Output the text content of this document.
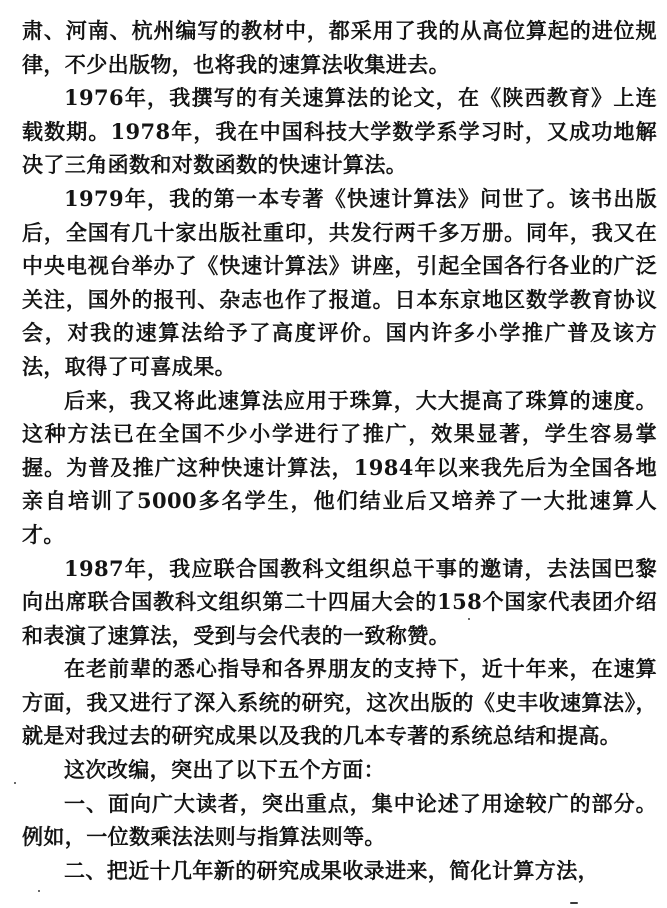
肃、河南、杭州编写的教材中，都采用了我的从高位算起的进位规律，不少出版物，也将我的速算法收集进去。

1976年，我撰写的有关速算法的论文，在《陕西教育》上连载数期。1978年，我在中国科技大学数学系学习时，又成功地解决了三角函数和对数函数的快速计算法。

1979年，我的第一本专著《快速计算法》问世了。该书出版后，全国有几十家出版社重印，共发行两千多万册。同年，我又在中央电视台举办了《快速计算法》讲座，引起全国各行各业的广泛关注，国外的报刊、杂志也作了报道。日本东京地区数学教育协议会，对我的速算法给予了高度评价。国内许多小学推广普及该方法，取得了可喜成果。

后来，我又将此速算法应用于珠算，大大提高了珠算的速度。这种方法已在全国不少小学进行了推广，效果显著，学生容易掌握。为普及推广这种快速计算法，1984年以来我先后为全国各地亲自培训了5000多名学生，他们结业后又培养了一大批速算人才。

1987年，我应联合国教科文组织总干事的邀请，去法国巴黎向出席联合国教科文组织第二十四届大会的158个国家代表团介绍和表演了速算法，受到与会代表的一致称赞。

在老前辈的悉心指导和各界朋友的支持下，近十年来，在速算方面，我又进行了深入系统的研究，这次出版的《史丰收速算法》，就是对我过去的研究成果以及我的几本专著的系统总结和提高。

这次改编，突出了以下五个方面：

一、面向广大读者，突出重点，集中论述了用途较广的部分。例如，一位数乘法法则与指算法则等。

二、把近十几年新的研究成果收录进来，简化计算方法，
